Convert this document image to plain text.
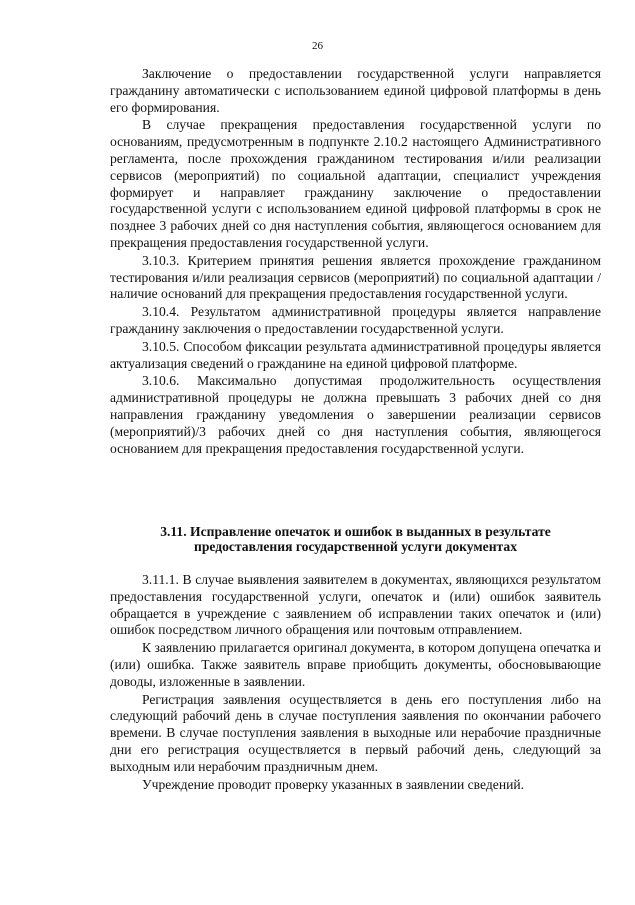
26

Заключение о предоставлении государственной услуги направляется гражданину автоматически с использованием единой цифровой платформы в день его формирования.

В случае прекращения предоставления государственной услуги по основаниям, предусмотренным в подпункте 2.10.2 настоящего Административного регламента, после прохождения гражданином тестирования и/или реализации сервисов (мероприятий) по социальной адаптации, специалист учреждения формирует и направляет гражданину заключение о предоставлении государственной услуги с использованием единой цифровой платформы в срок не позднее 3 рабочих дней со дня наступления события, являющегося основанием для прекращения предоставления государственной услуги.

3.10.3. Критерием принятия решения является прохождение гражданином тестирования и/или реализация сервисов (мероприятий) по социальной адаптации /наличие оснований для прекращения предоставления государственной услуги.

3.10.4. Результатом административной процедуры является направление гражданину заключения о предоставлении государственной услуги.

3.10.5. Способом фиксации результата административной процедуры является актуализация сведений о гражданине на единой цифровой платформе.

3.10.6. Максимально допустимая продолжительность осуществления административной процедуры не должна превышать 3 рабочих дней со дня направления гражданину уведомления о завершении реализации сервисов (мероприятий)/3 рабочих дней со дня наступления события, являющегося основанием для прекращения предоставления государственной услуги.

3.11. Исправление опечаток и ошибок в выданных в результате
предоставления государственной услуги документах

3.11.1. В случае выявления заявителем в документах, являющихся результатом предоставления государственной услуги, опечаток и (или) ошибок заявитель обращается в учреждение с заявлением об исправлении таких опечаток и (или) ошибок посредством личного обращения или почтовым отправлением.

К заявлению прилагается оригинал документа, в котором допущена опечатка и (или) ошибка. Также заявитель вправе приобщить документы, обосновывающие доводы, изложенные в заявлении.

Регистрация заявления осуществляется в день его поступления либо на следующий рабочий день в случае поступления заявления по окончании рабочего времени. В случае поступления заявления в выходные или нерабочие праздничные дни его регистрация осуществляется в первый рабочий день, следующий за выходным или нерабочим праздничным днем.

Учреждение проводит проверку указанных в заявлении сведений.
